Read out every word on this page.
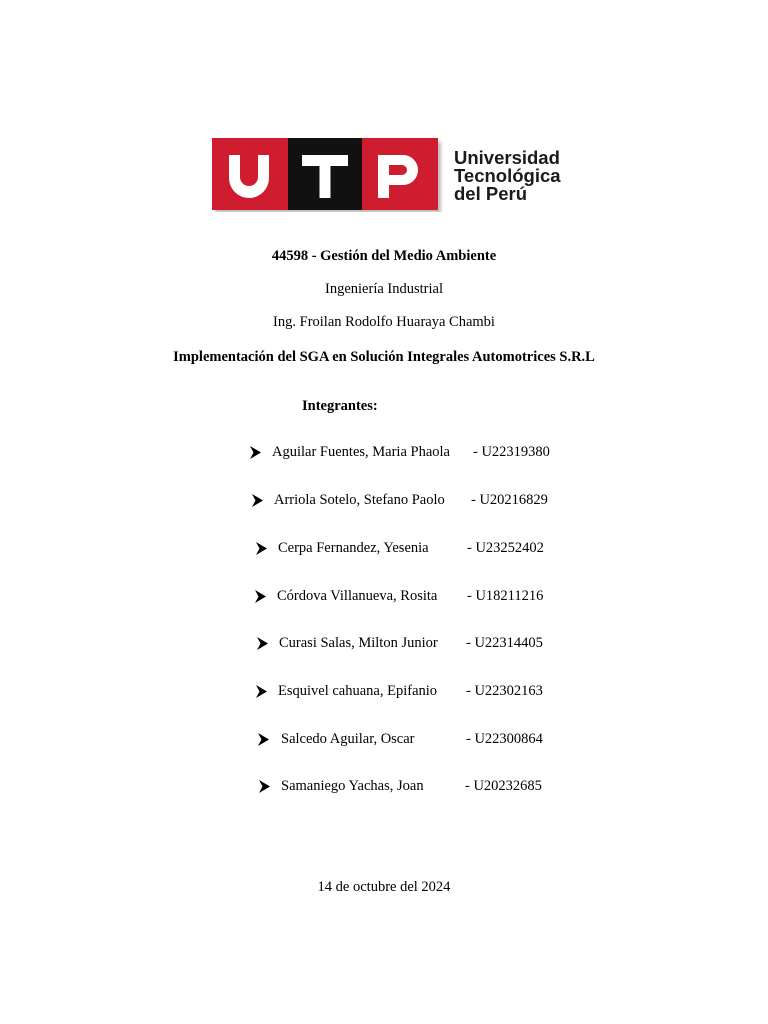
Universidad
Tecnológica
del Perú
44598 - Gestión del Medio Ambiente
Ingeniería Industrial
Ing. Froilan Rodolfo Huaraya Chambi
Implementación del SGA en Solución Integrales Automotrices S.R.L
Integrantes:
Aguilar Fuentes, Maria Phaola - U22319380
Arriola Sotelo, Stefano Paolo - U20216829
Cerpa Fernandez, Yesenia	- U23252402
Córdova Villanueva, Rosita - U18211216
Curasi Salas, Milton Junior - U22314405
Esquivel cahuana, Epifanio - U22302163
Salcedo Aguilar, Oscar	- U22300864
Samaniego Yachas, Joan	- U20232685
14 de octubre del 2024
